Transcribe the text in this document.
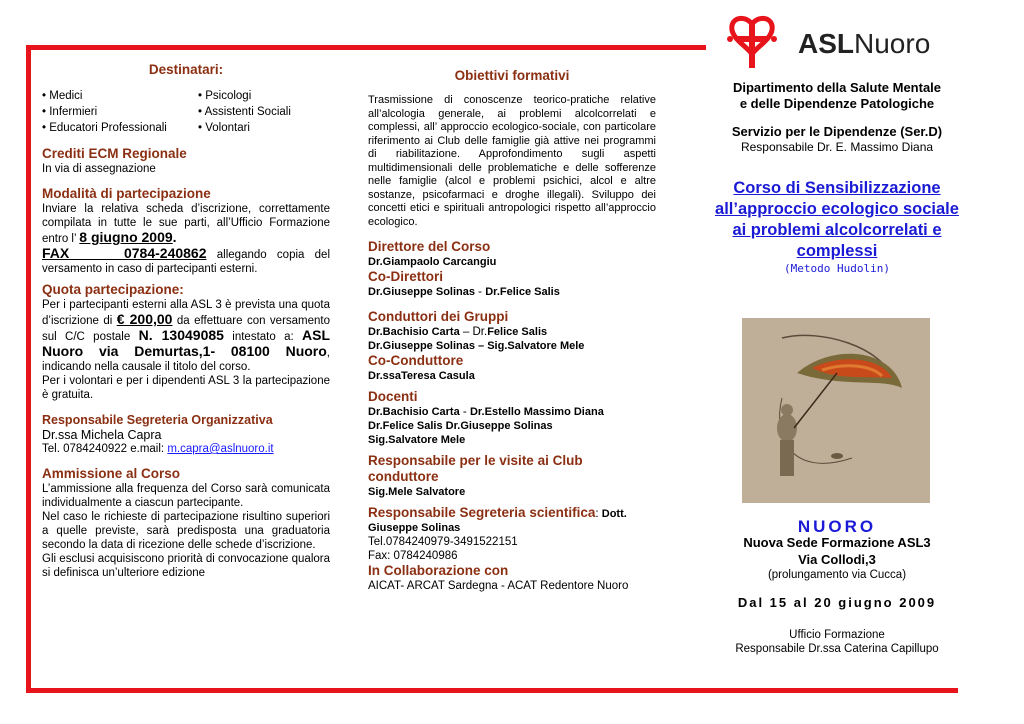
ASLNuoro
Destinatari:
• Medici
• Infermieri
• Educatori Professionali
• Psicologi
• Assistenti Sociali
• Volontari
Crediti ECM Regionale
In via di assegnazione
Modalità di partecipazione
Inviare la relativa scheda d’iscrizione, correttamente compilata in tutte le sue parti, all’Ufficio Formazione entro l’ 8 giugno 2009.
FAX     0784-240862 allegando copia del versamento in caso di partecipanti esterni.
Quota partecipazione:
Per i partecipanti esterni alla ASL 3 è prevista una quota d’iscrizione di € 200,00 da effettuare con versamento sul C/C postale N. 13049085 intestato a: ASL Nuoro via Demurtas,1- 08100 Nuoro, indicando nella causale il titolo del corso.
Per i volontari e per i dipendenti ASL 3 la partecipazione è gratuita.
Responsabile Segreteria Organizzativa
Dr.ssa Michela Capra
Tel. 0784240922 e.mail: m.capra@aslnuoro.it
Ammissione al Corso
L’ammissione alla frequenza del Corso sarà comunicata individualmente a ciascun partecipante.
Nel caso le richieste di partecipazione risultino superiori a quelle previste, sarà predisposta una graduatoria secondo la data di ricezione delle schede d’iscrizione.
Gli esclusi acquisiscono priorità di convocazione qualora si definisca un’ulteriore edizione
Obiettivi formativi
Trasmissione di conoscenze teorico-pratiche relative all’alcologia generale, ai problemi alcolcorrelati e complessi, all’ approccio ecologico-sociale, con particolare riferimento ai Club delle famiglie già attive nei programmi di riabilitazione. Approfondimento sugli aspetti multidimensionali delle problematiche e delle sofferenze nelle famiglie (alcol e problemi psichici, alcol e altre sostanze, psicofarmaci e droghe illegali). Sviluppo dei concetti etici e spirituali antropologici rispetto all’approccio ecologico.
Direttore del Corso
Dr.Giampaolo Carcangiu
Co-Direttori
Dr.Giuseppe Solinas - Dr.Felice Salis
Conduttori dei Gruppi
Dr.Bachisio Carta – Dr.Felice Salis
Dr.Giuseppe Solinas – Sig.Salvatore Mele
Co-Conduttore
Dr.ssaTeresa Casula
Docenti
Dr.Bachisio Carta - Dr.Estello Massimo Diana
Dr.Felice Salis Dr.Giuseppe Solinas
Sig.Salvatore Mele
Responsabile per le visite ai Club conduttore
Sig.Mele Salvatore
Responsabile Segreteria scientifica: Dott. Giuseppe Solinas
Tel.0784240979-3491522151
Fax: 0784240986
In Collaborazione con
AICAT- ARCAT Sardegna - ACAT Redentore Nuoro
Dipartimento della Salute Mentale
e delle Dipendenze Patologiche
Servizio per le Dipendenze (Ser.D)
Responsabile Dr. E. Massimo Diana
Corso di Sensibilizzazione all’approccio ecologico sociale ai problemi alcolcorrelati e complessi
(Metodo Hudolin)
NUORO
Nuova Sede Formazione ASL3
Via Collodi,3
(prolungamento via Cucca)
Dal 15 al 20 giugno 2009
Ufficio Formazione
Responsabile Dr.ssa Caterina Capillupo
